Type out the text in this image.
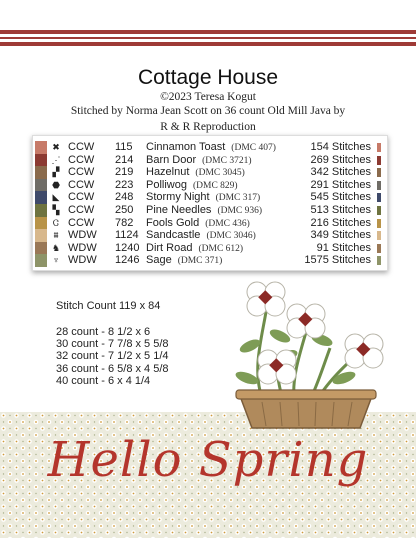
Cottage House
©2023 Teresa Kogut
Stitched by Norma Jean Scott on 36 count Old Mill Java by
R & R Reproduction
✖ CCW 115 Cinnamon Toast (DMC 407)	154 Stitches
⋰ CCW 214 Barn Door (DMC 3721)	269 Stitches
▞ CCW 219 Hazelnut (DMC 3045)	342 Stitches
⬣ CCW 223 Polliwog (DMC 829)	291 Stitches
◣ CCW 248 Stormy Night (DMC 317)	545 Stitches
▚ CCW 250 Pine Needles (DMC 936)	513 Stitches
Ꮳ CCW 782 Fools Gold (DMC 436)	216 Stitches
⩩ WDW 1124 Sandcastle (DMC 3046)	349 Stitches
♞ WDW 1240 Dirt Road (DMC 612)	91 Stitches
♆ WDW 1246 Sage (DMC 371)	1575 Stitches
Stitch Count 119 x 84
28 count - 8 1/2 x 6
30 count - 7 7/8 x 5 5/8
32 count - 7 1/2 x 5 1/4
36 count - 6 5/8 x 4 5/8
40 count - 6 x 4 1/4
Hello Spring
